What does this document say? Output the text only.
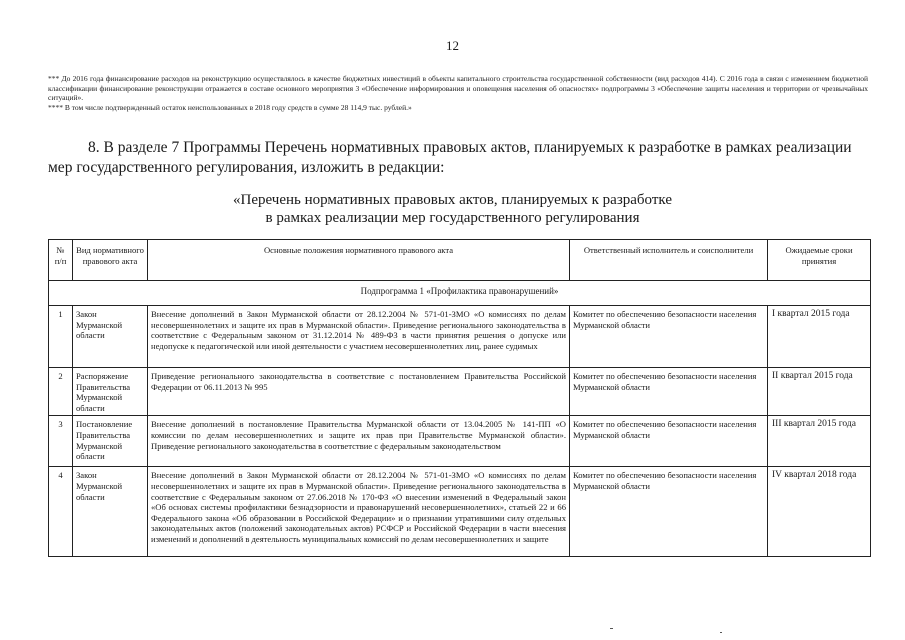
12

*** До 2016 года финансирование расходов на реконструкцию осуществлялось в качестве бюджетных инвестиций в объекты капитального строительства государственной собственности (вид расходов 414). С 2016 года в связи с изменением бюджетной классификации финансирование реконструкции отражается в составе основного мероприятия 3 «Обеспечение информирования и оповещения населения об опасностях» подпрограммы 3 «Обеспечение защиты населения и территории от чрезвычайных ситуаций».

**** В том числе подтвержденный остаток неиспользованных в 2018 году средств в сумме 28 114,9 тыс. рублей.»

8. В разделе 7 Программы Перечень нормативных правовых актов, планируемых к разработке в рамках реализации мер государственного регулирования, изложить в редакции:
«Перечень нормативных правовых актов, планируемых к разработке
в рамках реализации мер государственного регулирования
№ п/п	Вид нормативного правового акта	Основные положения нормативного правового акта	Ответственный исполнитель и соисполнители	Ожидаемые сроки принятия
Подпрограмма 1 «Профилактика правонарушений»				
1	Закон Мурманской области	Внесение дополнений в Закон Мурманской области от 28.12.2004 № 571-01-ЗМО «О комиссиях по делам несовершеннолетних и защите их прав в Мурманской области». Приведение регионального законодательства в соответствие с Федеральным законом от 31.12.2014 № 489-ФЗ в части принятия решения о допуске или недопуске к педагогической или иной деятельности с участием несовершеннолетних лиц, ранее судимых	Комитет по обеспечению безопасности населения Мурманской области	I квартал 2015 года
2	Распоряжение Правительства Мурманской области	Приведение регионального законодательства в соответствие с постановлением Правительства Российской Федерации от 06.11.2013 № 995	Комитет по обеспечению безопасности населения Мурманской области	II квартал 2015 года
3	Постановление Правительства Мурманской области	Внесение дополнений в постановление Правительства Мурманской области от 13.04.2005 № 141-ПП «О комиссии по делам несовершеннолетних и защите их прав при Правительстве Мурманской области». Приведение регионального законодательства в соответствие с федеральным законодательством	Комитет по обеспечению безопасности населения Мурманской области	III квартал 2015 года
4	Закон Мурманской области	Внесение дополнений в Закон Мурманской области от 28.12.2004 № 571-01-ЗМО «О комиссиях по делам несовершеннолетних и защите их прав в Мурманской области». Приведение регионального законодательства в соответствие с Федеральным законом от 27.06.2018 № 170-ФЗ «О внесении изменений в Федеральный закон «Об основах системы профилактики безнадзорности и правонарушений несовершеннолетних», статьей 22 и 66 Федерального закона «Об образовании в Российской Федерации» и о признании утратившими силу отдельных законодательных актов (положений законодательных актов) РСФСР и Российской Федерации в части внесения изменений и дополнений в деятельность муниципальных комиссий по делам несовершеннолетних и защите	Комитет по обеспечению безопасности населения Мурманской области	IV квартал 2018 года
